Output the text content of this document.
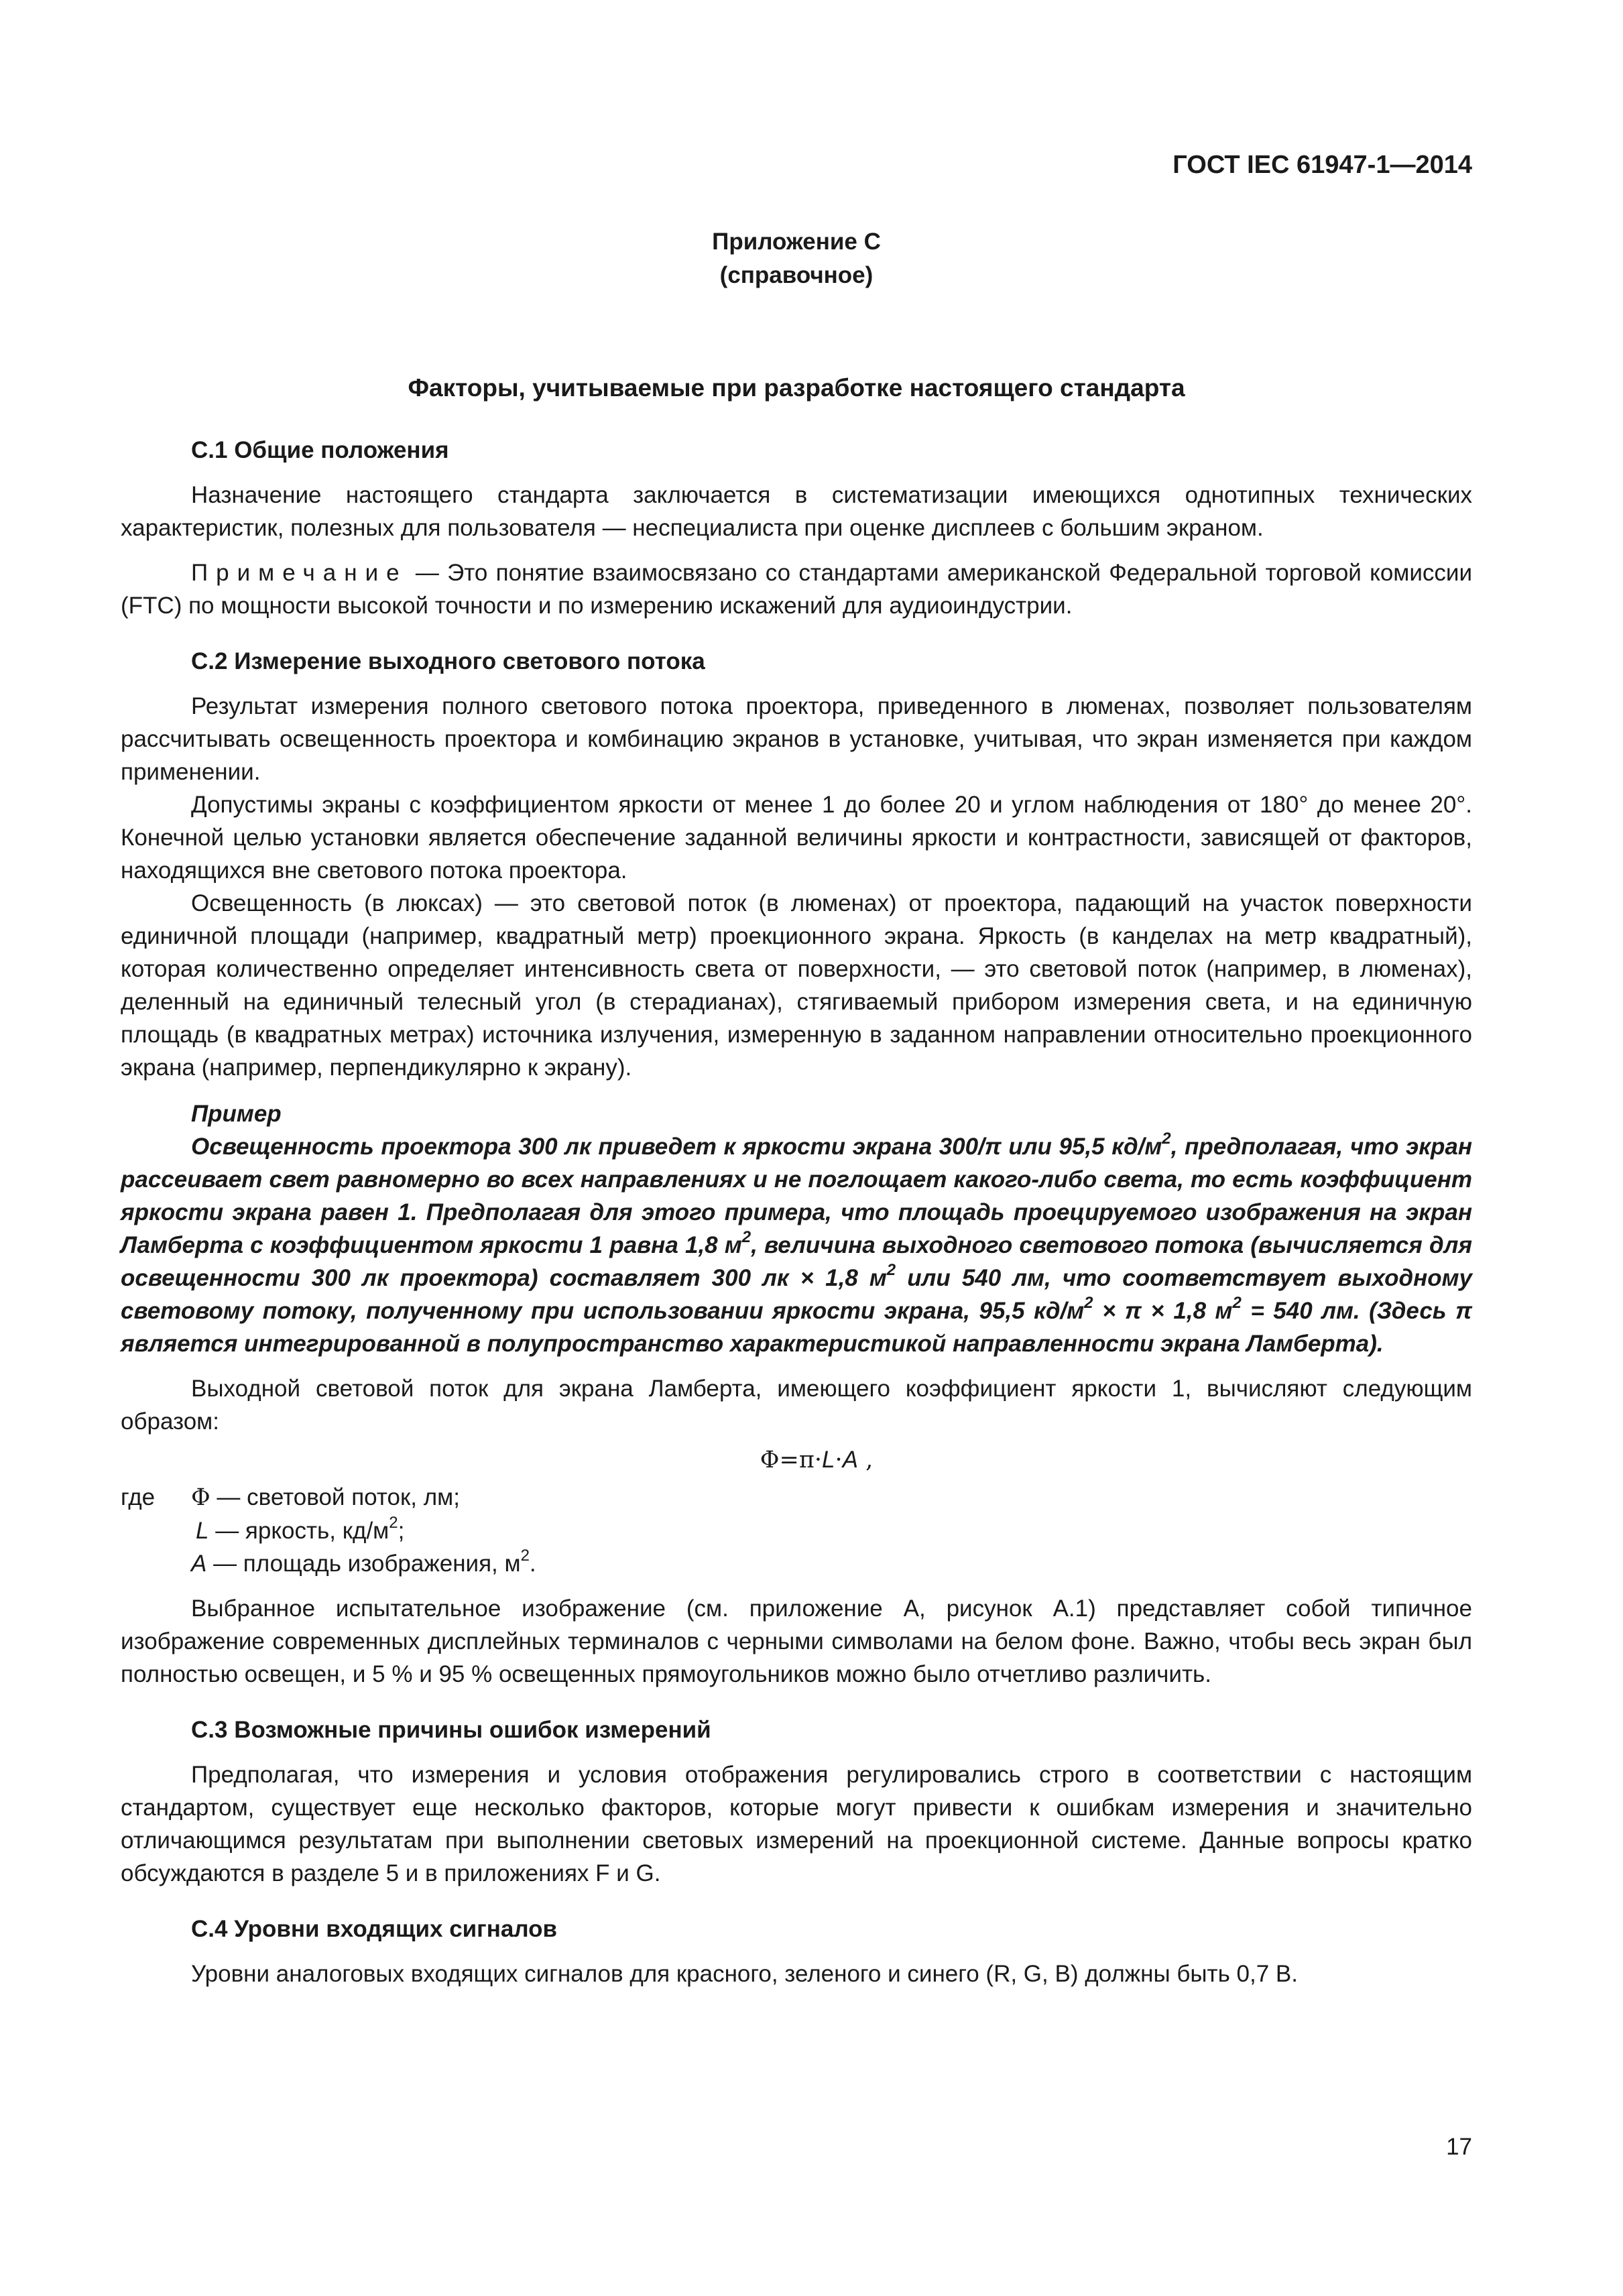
ГОСТ IEC 61947-1—2014
Приложение С
(справочное)
Факторы, учитываемые при разработке настоящего стандарта
С.1 Общие положения

Назначение настоящего стандарта заключается в систематизации имеющихся однотипных технических характеристик, полезных для пользователя — неспециалиста при оценке дисплеев с большим экраном.

Примечание — Это понятие взаимосвязано со стандартами американской Федеральной торговой комиссии (FTC) по мощности высокой точности и по измерению искажений для аудиоиндустрии.

С.2 Измерение выходного светового потока

Результат измерения полного светового потока проектора, приведенного в люменах, позволяет пользователям рассчитывать освещенность проектора и комбинацию экранов в установке, учитывая, что экран изменяется при каждом применении.

Допустимы экраны с коэффициентом яркости от менее 1 до более 20 и углом наблюдения от 180° до менее 20°. Конечной целью установки является обеспечение заданной величины яркости и контрастности, зависящей от факторов, находящихся вне светового потока проектора.

Освещенность (в люксах) — это световой поток (в люменах) от проектора, падающий на участок поверхности единичной площади (например, квадратный метр) проекционного экрана. Яркость (в канделах на метр квадратный), которая количественно определяет интенсивность света от поверхности, — это световой поток (например, в люменах), деленный на единичный телесный угол (в стерадианах), стягиваемый прибором измерения света, и на единичную площадь (в квадратных метрах) источника излучения, измеренную в заданном направлении относительно проекционного экрана (например, перпендикулярно к экрану).

Пример

Освещенность проектора 300 лк приведет к яркости экрана 300/π или 95,5 $кд/м^2$, предполагая, что экран рассеивает свет равномерно во всех направлениях и не поглощает какого-либо света, то есть коэффициент яркости экрана равен 1. Предполагая для этого примера, что площадь проецируемого изображения на экран Ламберта с коэффициентом яркости 1 равна 1,8 $м^2$, величина выходного светового потока (вычисляется для освещенности 300 лк проектора) составляет 300 лк × 1,8 $м^2$ или 540 лм, что соответствует выходному световому потоку, полученному при использовании яркости экрана, 95,5 $кд/м^2 \times \pi \times 1,8$ $м^2 = 540$ лм. (Здесь π является интегрированной в полупространство характеристикой направленности экрана Ламберта).

Выходной световой поток для экрана Ламберта, имеющего коэффициент яркости 1, вычисляют следующим образом:

Φ=π·L·A ,
где	Φ — световой поток, лм;
L — яркость, $кд/м^2$;
A — площадь изображения, $м^2$.

Выбранное испытательное изображение (см. приложение А, рисунок А.1) представляет собой типичное изображение современных дисплейных терминалов с черными символами на белом фоне. Важно, чтобы весь экран был полностью освещен, и 5 % и 95 % освещенных прямоугольников можно было отчетливо различить.

С.3 Возможные причины ошибок измерений

Предполагая, что измерения и условия отображения регулировались строго в соответствии с настоящим стандартом, существует еще несколько факторов, которые могут привести к ошибкам измерения и значительно отличающимся результатам при выполнении световых измерений на проекционной системе. Данные вопросы кратко обсуждаются в разделе 5 и в приложениях F и G.

С.4 Уровни входящих сигналов

Уровни аналоговых входящих сигналов для красного, зеленого и синего (R, G, B) должны быть 0,7 В.

17
